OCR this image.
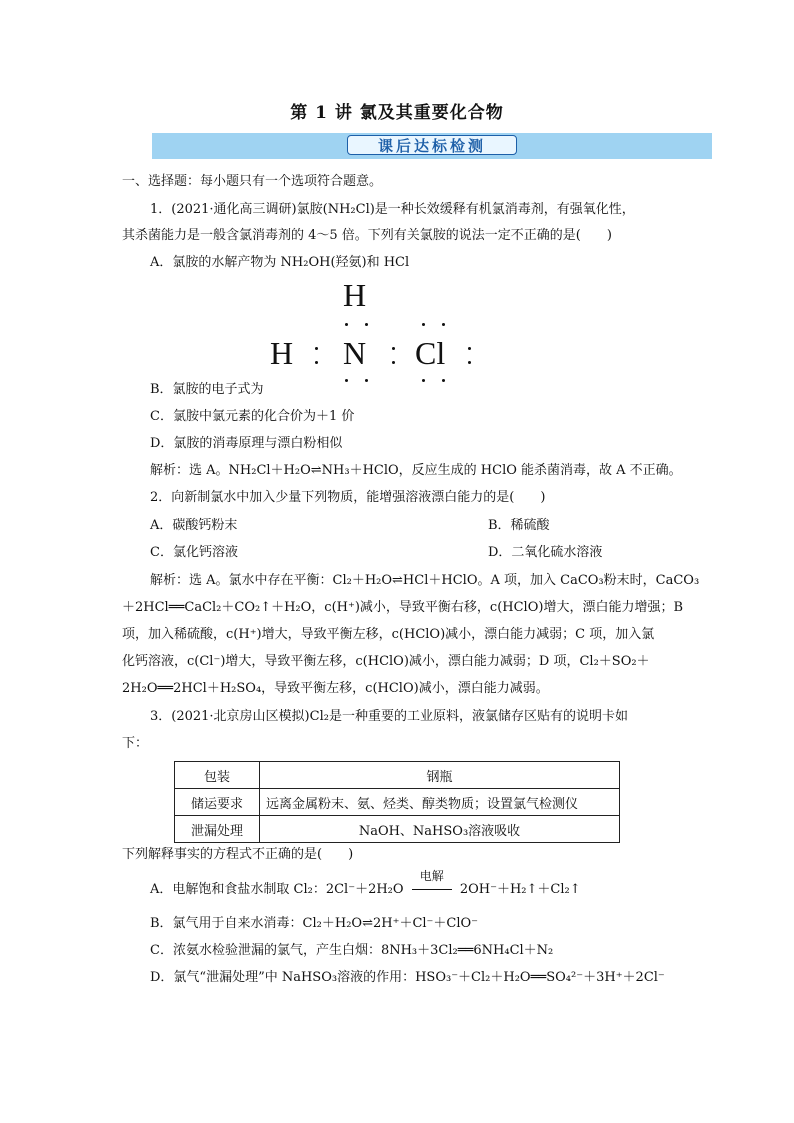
第 1 讲 氯及其重要化合物
课后达标检测
一、选择题：每小题只有一个选项符合题意。
1．(2021·通化高三调研)氯胺(NH₂Cl)是一种长效缓释有机氯消毒剂，有强氧化性，
其杀菌能力是一般含氯消毒剂的 4～5 倍。下列有关氯胺的说法一定不正确的是(　　)
A．氯胺的水解产物为 NH₂OH(羟氨)和 HCl
H
H N Cl
B．氯胺的电子式为
C．氯胺中氯元素的化合价为＋1 价
D．氯胺的消毒原理与漂白粉相似
解析：选 A。NH₂Cl＋H₂O⇌NH₃＋HClO，反应生成的 HClO 能杀菌消毒，故 A 不正确。
2．向新制氯水中加入少量下列物质，能增强溶液漂白能力的是(　　)
A．碳酸钙粉末	B．稀硫酸
C．氯化钙溶液	D．二氧化硫水溶液
解析：选 A。氯水中存在平衡：Cl₂＋H₂O⇌HCl＋HClO。A 项，加入 CaCO₃粉末时，CaCO₃
＋2HCl══CaCl₂＋CO₂↑＋H₂O，c(H⁺)减小，导致平衡右移，c(HClO)增大，漂白能力增强；B
项，加入稀硫酸，c(H⁺)增大，导致平衡左移，c(HClO)减小，漂白能力减弱；C 项，加入氯
化钙溶液，c(Cl⁻)增大，导致平衡左移，c(HClO)减小，漂白能力减弱；D 项，Cl₂＋SO₂＋
2H₂O══2HCl＋H₂SO₄，导致平衡左移，c(HClO)减小，漂白能力减弱。
3．(2021·北京房山区模拟)Cl₂是一种重要的工业原料，液氯储存区贴有的说明卡如
下：
包装	钢瓶
储运要求	远离金属粉末、氨、烃类、醇类物质；设置氯气检测仪
泄漏处理	NaOH、NaHSO₃溶液吸收
下列解释事实的方程式不正确的是(　　)
A．电解饱和食盐水制取 Cl₂：2Cl⁻＋2H₂O
电解
2OH⁻＋H₂↑＋Cl₂↑
B．氯气用于自来水消毒：Cl₂＋H₂O⇌2H⁺＋Cl⁻＋ClO⁻
C．浓氨水检验泄漏的氯气，产生白烟：8NH₃＋3Cl₂══6NH₄Cl＋N₂
D．氯气“泄漏处理”中 NaHSO₃溶液的作用：HSO₃⁻＋Cl₂＋H₂O══SO₄²⁻＋3H⁺＋2Cl⁻
